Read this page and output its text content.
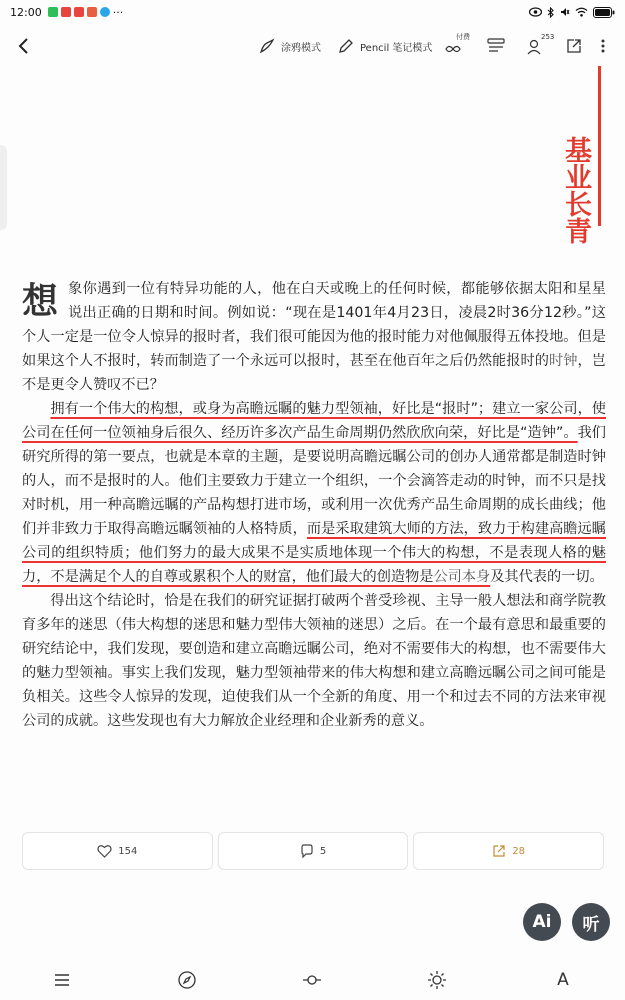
12:00	···
涂鸦模式	Pencil 笔记模式
付费	253
基业长青

想象你遇到一位有特异功能的人，他在白天或晚上的任何时候，都能够依据太阳和星星说出正确的日期和时间。例如说：“现在是1401年4月23日，凌晨2时36分12秒。”这个人一定是一位令人惊异的报时者，我们很可能因为他的报时能力对他佩服得五体投地。但是如果这个人不报时，转而制造了一个永远可以报时，甚至在他百年之后仍然能报时的时钟，岂不是更令人赞叹不已？

拥有一个伟大的构想，或身为高瞻远瞩的魅力型领袖，好比是“报时”；建立一家公司，使公司在任何一位领袖身后很久、经历许多次产品生命周期仍然欣欣向荣，好比是“造钟”。我们研究所得的第一要点，也就是本章的主题，是要说明高瞻远瞩公司的创办人通常都是制造时钟的人，而不是报时的人。他们主要致力于建立一个组织，一个会滴答走动的时钟，而不只是找对时机，用一种高瞻远瞩的产品构想打进市场，或利用一次优秀产品生命周期的成长曲线；他们并非致力于取得高瞻远瞩领袖的人格特质，而是采取建筑大师的方法，致力于构建高瞻远瞩公司的组织特质；他们努力的最大成果不是实质地体现一个伟大的构想，不是表现人格的魅力，不是满足个人的自尊或累积个人的财富，他们最大的创造物是公司本身及其代表的一切。

得出这个结论时，恰是在我们的研究证据打破两个普受珍视、主导一般人想法和商学院教育多年的迷思（伟大构想的迷思和魅力型伟大领袖的迷思）之后。在一个最有意思和最重要的研究结论中，我们发现，要创造和建立高瞻远瞩公司，绝对不需要伟大的构想，也不需要伟大的魅力型领袖。事实上我们发现，魅力型领袖带来的伟大构想和建立高瞻远瞩公司之间可能是负相关。这些令人惊异的发现，迫使我们从一个全新的角度、用一个和过去不同的方法来审视公司的成就。这些发现也有大力解放企业经理和企业新秀的意义。

154	5	28
Ai	听
A
